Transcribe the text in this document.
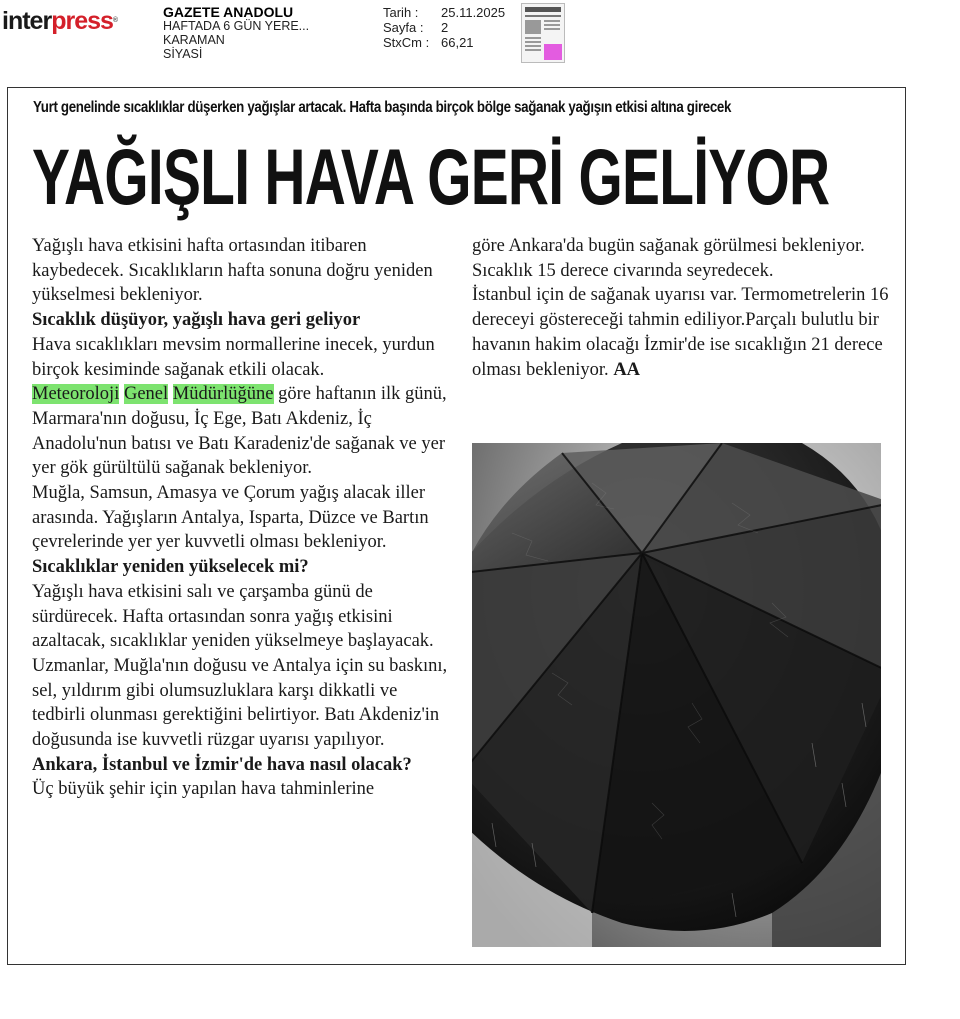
interpress®
GAZETE ANADOLU
HAFTADA 6 GÜN YERE...
KARAMAN
SİYASİ
Tarih :	25.11.2025
Sayfa :	2
StxCm : 66,21
Yurt genelinde sıcaklıklar düşerken yağışlar artacak. Hafta başında birçok bölge sağanak yağışın etkisi altına girecek
YAĞIŞLI HAVA GERİ GELİYOR

Yağışlı hava etkisini hafta ortasından itibaren kaybedecek. Sıcaklıkların hafta sonuna doğru yeniden yükselmesi bekleniyor.

Sıcaklık düşüyor, yağışlı hava geri geliyor

Hava sıcaklıkları mevsim normallerine inecek, yurdun birçok kesiminde sağanak etkili olacak.

Meteoroloji Genel Müdürlüğüne göre haftanın ilk günü, Marmara'nın doğusu, İç Ege, Batı Akdeniz, İç Anadolu'nun batısı ve Batı Karadeniz'de sağanak ve yer yer gök gürültülü sağanak bekleniyor.

Muğla, Samsun, Amasya ve Çorum yağış alacak iller arasında. Yağışların Antalya, Isparta, Düzce ve Bartın çevrelerinde yer yer kuvvetli olması bekleniyor.

Sıcaklıklar yeniden yükselecek mi?

Yağışlı hava etkisini salı ve çarşamba günü de sürdürecek. Hafta ortasından sonra yağış etkisini azaltacak, sıcaklıklar yeniden yükselmeye başlayacak.

Uzmanlar, Muğla'nın doğusu ve Antalya için su baskını, sel, yıldırım gibi olumsuzluklara karşı dikkatli ve tedbirli olunması gerektiğini belirtiyor. Batı Akdeniz'in doğusunda ise kuvvetli rüzgar uyarısı yapılıyor.

Ankara, İstanbul ve İzmir'de hava nasıl olacak?

Üç büyük şehir için yapılan hava tahminlerine

göre Ankara'da bugün sağanak görülmesi bekleniyor. Sıcaklık 15 derece civarında seyredecek.

İstanbul için de sağanak uyarısı var. Termometrelerin 16 dereceyi göstereceği tahmin ediliyor.Parçalı bulutlu bir havanın hakim olacağı İzmir'de ise sıcaklığın 21 derece olması bekleniyor. AA
